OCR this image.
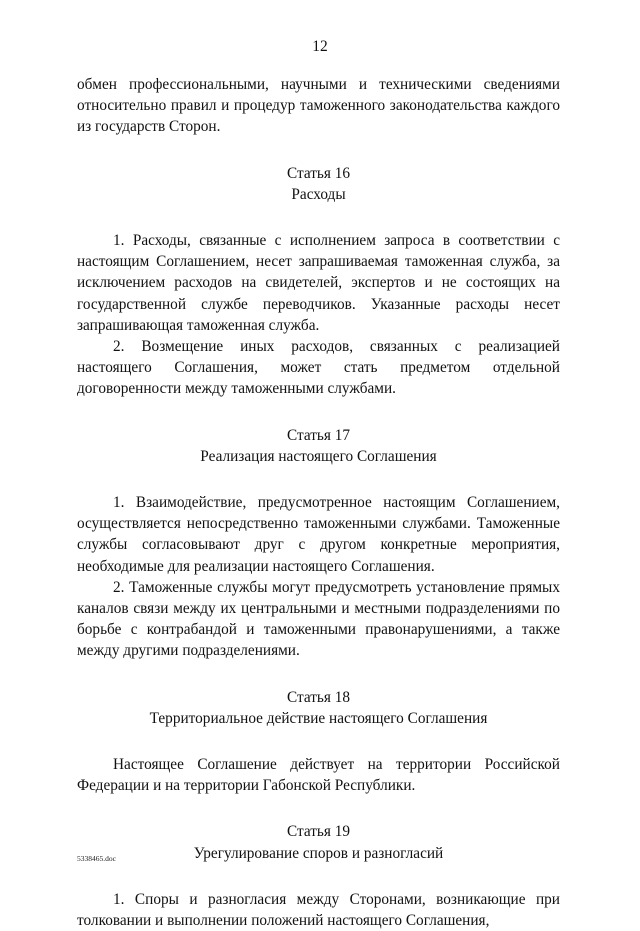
12

обмен профессиональными, научными и техническими сведениями относительно правил и процедур таможенного законодательства каждого из государств Сторон.

Статья 16

Расходы

1. Расходы, связанные с исполнением запроса в соответствии с настоящим Соглашением, несет запрашиваемая таможенная служба, за исключением расходов на свидетелей, экспертов и не состоящих на государственной службе переводчиков. Указанные расходы несет запрашивающая таможенная служба.

2. Возмещение иных расходов, связанных с реализацией настоящего Соглашения, может стать предметом отдельной договоренности между таможенными службами.

Статья 17

Реализация настоящего Соглашения

1. Взаимодействие, предусмотренное настоящим Соглашением, осуществляется непосредственно таможенными службами. Таможенные службы согласовывают друг с другом конкретные мероприятия, необходимые для реализации настоящего Соглашения.

2. Таможенные службы могут предусмотреть установление прямых каналов связи между их центральными и местными подразделениями по борьбе с контрабандой и таможенными правонарушениями, а также между другими подразделениями.

Статья 18

Территориальное действие настоящего Соглашения

Настоящее Соглашение действует на территории Российской Федерации и на территории Габонской Республики.

Статья 19

Урегулирование споров и разногласий

1. Споры и разногласия между Сторонами, возникающие при толковании и выполнении положений настоящего Соглашения,

5338465.doc
